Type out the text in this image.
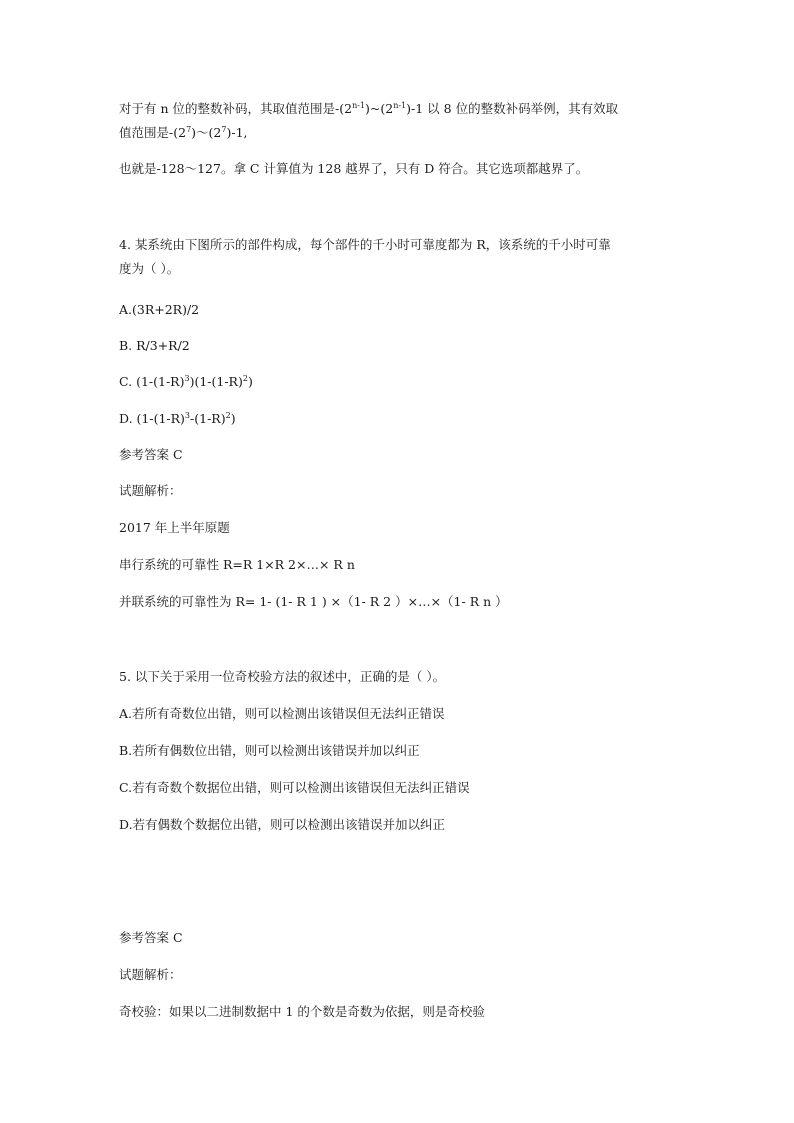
对于有 n 位的整数补码，其取值范围是-(2$^{n-1}$)~(2$^{n-1}$)-1 以 8 位的整数补码举例，其有效取
值范围是$-(2^7)\sim(2^7)-1$,
也就是-128～127。拿 C 计算值为 128 越界了，只有 D 符合。其它选项都越界了。
4. 某系统由下图所示的部件构成，每个部件的千小时可靠度都为 R，该系统的千小时可靠
度为（ ）。
A.(3R+2R)/2
B. R/3+R/2
C. $(1-(1-R)^3)(1-(1-R)^2)$
D. $(1-(1-R)^3-(1-R)^2)$
参考答案 C
试题解析：
2017 年上半年原题
串行系统的可靠性 R=R 1×R 2×…× R n
并联系统的可靠性为 R= 1- (1- R 1 ) ×（1- R 2 ）×…×（1- R n ）
5. 以下关于采用一位奇校验方法的叙述中，正确的是（ ）。
A.若所有奇数位出错，则可以检测出该错误但无法纠正错误
B.若所有偶数位出错，则可以检测出该错误并加以纠正
C.若有奇数个数据位出错，则可以检测出该错误但无法纠正错误
D.若有偶数个数据位出错，则可以检测出该错误并加以纠正
参考答案 C
试题解析：
奇校验：如果以二进制数据中 1 的个数是奇数为依据，则是奇校验
